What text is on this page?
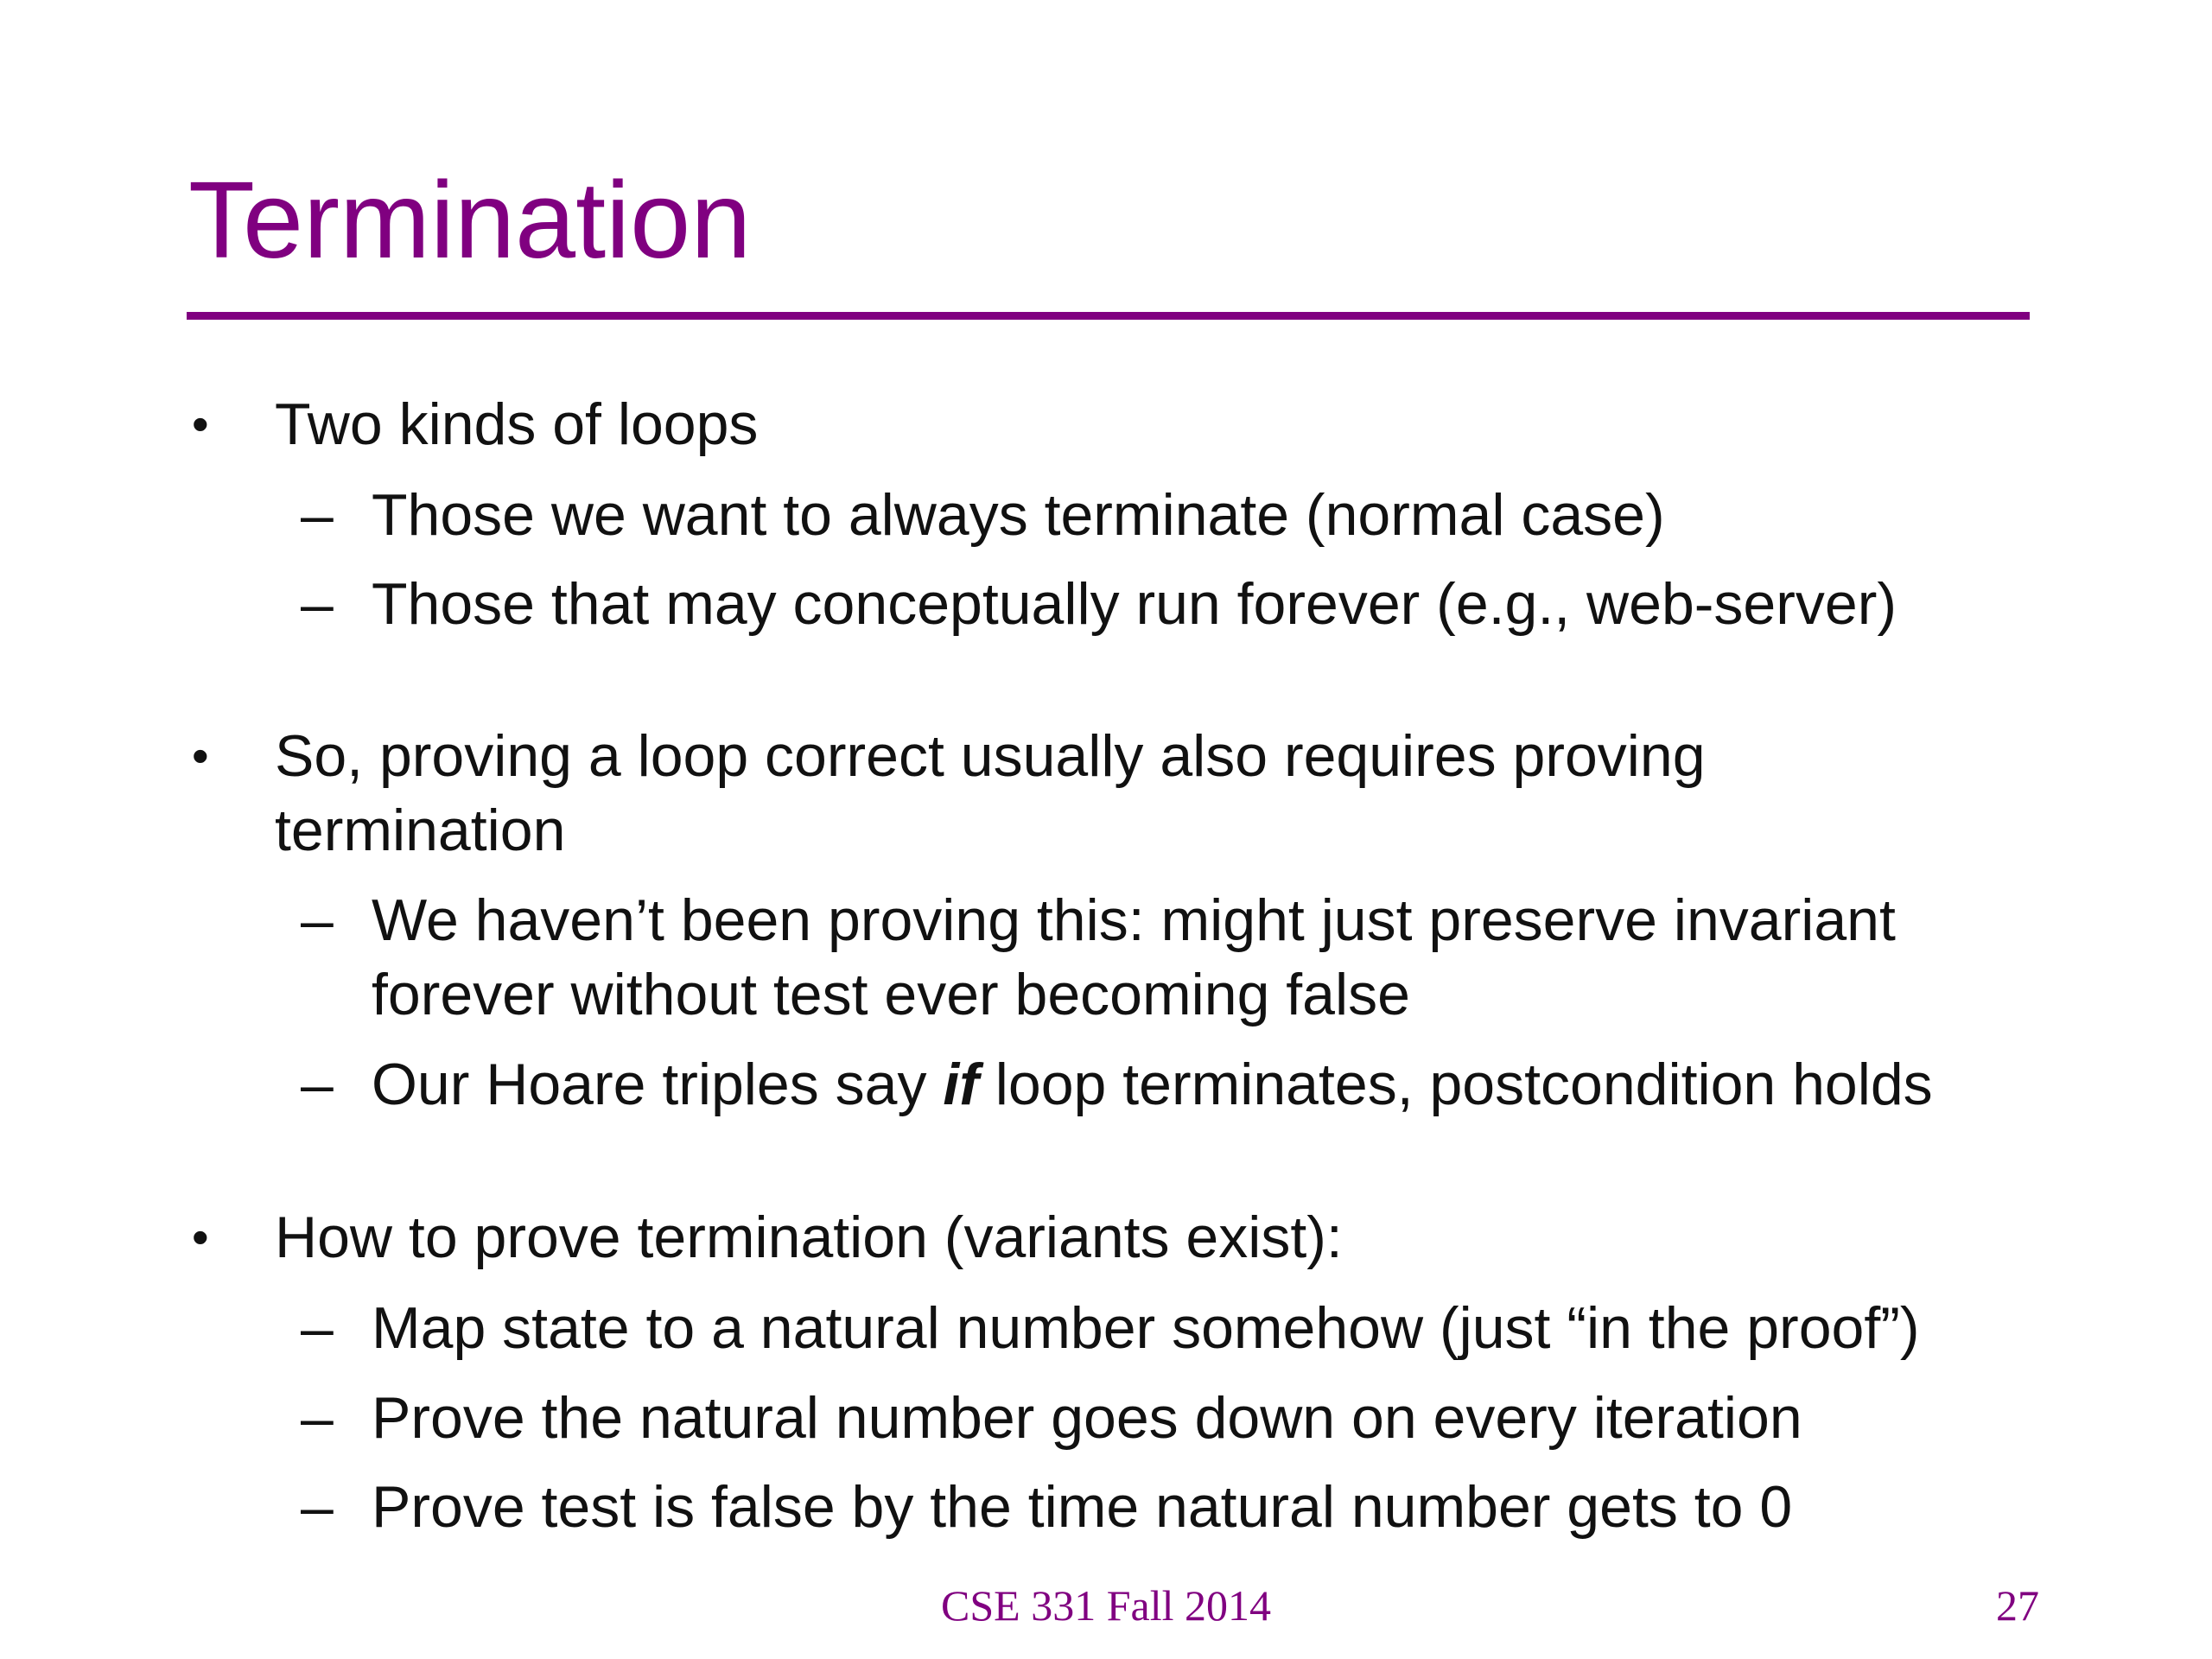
Termination
• Two kinds of loops
– Those we want to always terminate (normal case)
– Those that may conceptually run forever (e.g., web-server)
• So, proving a loop correct usually also requires proving termination
– We haven’t been proving this: might just preserve invariant forever without test ever becoming false
– Our Hoare triples say if loop terminates, postcondition holds
• How to prove termination (variants exist):
– Map state to a natural number somehow (just “in the proof”)
– Prove the natural number goes down on every iteration
– Prove test is false by the time natural number gets to 0
CSE 331 Fall 2014	27
